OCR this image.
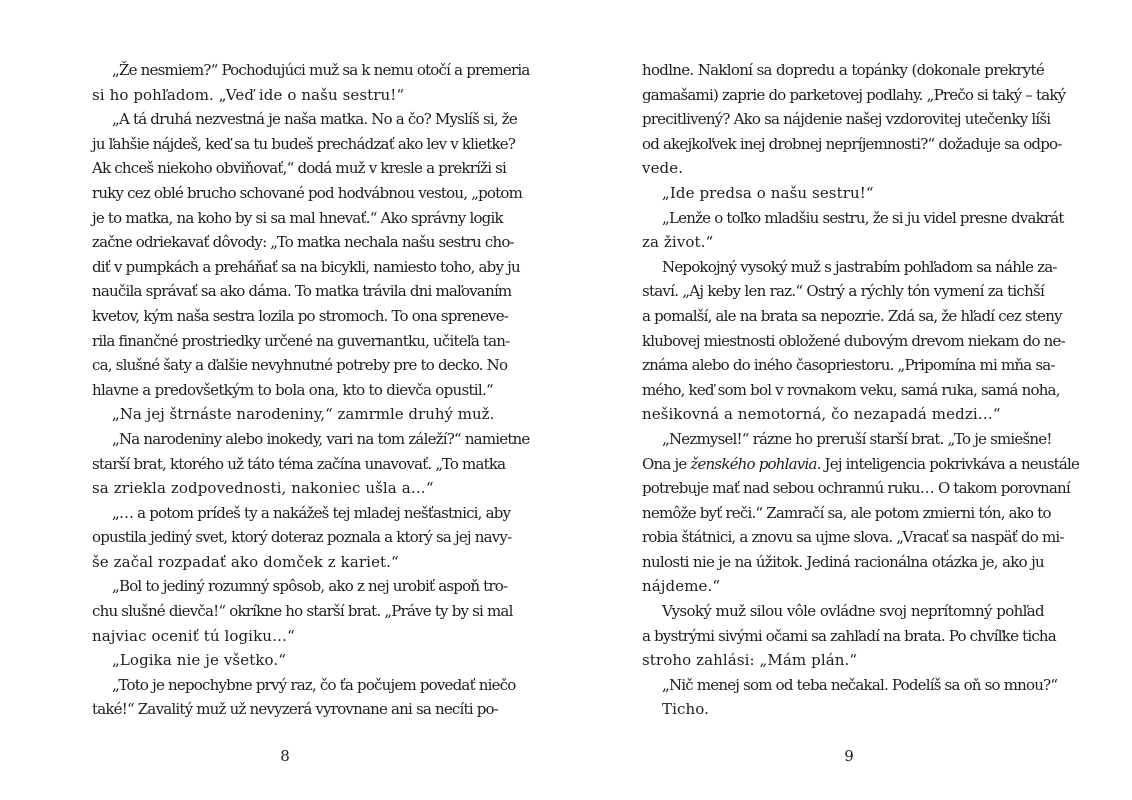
„Že nesmiem?“ Pochodujúci muž sa k nemu otočí a premeria
si ho pohľadom. „Veď ide o našu sestru!“
„A tá druhá nezvestná je naša matka. No a čo? Myslíš si, že
ju ľahšie nájdeš, keď sa tu budeš prechádzať ako lev v klietke?
Ak chceš niekoho obviňovať,“ dodá muž v kresle a prekríži si
ruky cez oblé brucho schované pod hodvábnou vestou, „potom
je to matka, na koho by si sa mal hnevať.“ Ako správny logik
začne odriekavať dôvody: „To matka nechala našu sestru cho-
diť v pumpkách a preháňať sa na bicykli, namiesto toho, aby ju
naučila správať sa ako dáma. To matka trávila dni maľovaním
kvetov, kým naša sestra lozila po stromoch. To ona sprenevе-
rila finančné prostriedky určené na guvernantku, učiteľa tan-
ca, slušné šaty a ďalšie nevyhnutné potreby pre to decko. No
hlavne a predovšetkým to bola ona, kto to dievča opustil.“
„Na jej štrnáste narodeniny,“ zamrmle druhý muž.
„Na narodeniny alebo inokedy, vari na tom záleží?“ namietne
starší brat, ktorého už táto téma začína unavovať. „To matka
sa zriekla zodpovednosti, nakoniec ušla a…“
„… a potom prídeš ty a nakážeš tej mladej nešťastnici, aby
opustila jediný svet, ktorý doteraz poznala a ktorý sa jej navy-
še začal rozpadať ako domček z kariet.“
„Bol to jediný rozumný spôsob, ako z nej urobiť aspoň tro-
chu slušné dievča!“ okríkne ho starší brat. „Práve ty by si mal
najviac oceniť tú logiku…“
„Logika nie je všetko.“
„Toto je nepochybne prvý raz, čo ťa počujem povedať niečo
také!“ Zavalitý muž už nevyzerá vyrovnane ani sa necíti po-
8
hodlne. Nakloní sa dopredu a topánky (dokonale prekryté
gamašami) zaprie do parketovej podlahy. „Prečo si taký – taký
precitlivený? Ako sa nájdenie našej vzdorovitej utečenky líši
od akejkoľvek inej drobnej nepríjemnosti?“ dožaduje sa odpo-
vede.
„Ide predsa o našu sestru!“
„Lenže o toľko mladšiu sestru, že si ju videl presne dvakrát
za život.“
Nepokojný vysoký muž s jastrabím pohľadom sa náhle za-
staví. „Aj keby len raz.“ Ostrý a rýchly tón vymení za tichší
a pomalší, ale na brata sa nepozrie. Zdá sa, že hľadí cez steny
klubovej miestnosti obložené dubovým drevom niekam do ne-
známa alebo do iného časopriestoru. „Pripomína mi mňa sa-
mého, keď som bol v rovnakom veku, samá ruka, samá noha,
nešikovná a nemotorná, čo nezapadá medzi…“
„Nezmysel!“ rázne ho preruší starší brat. „To je smiešne!
Ona je ženského pohlavia. Jej inteligencia pokrivkáva a neustále
potrebuje mať nad sebou ochrannú ruku… O takom porovnaní
nemôže byť reči.“ Zamračí sa, ale potom zmierni tón, ako to
robia štátnici, a znovu sa ujme slova. „Vracať sa naspäť do mi-
nulosti nie je na úžitok. Jediná racionálna otázka je, ako ju
nájdeme.“
Vysoký muž silou vôle ovládne svoj neprítomný pohľad
a bystrými sivými očami sa zahľadí na brata. Po chvíľke ticha
stroho zahlási: „Mám plán.“
„Nič menej som od teba nečakal. Podelíš sa oň so mnou?“
Ticho.
9
